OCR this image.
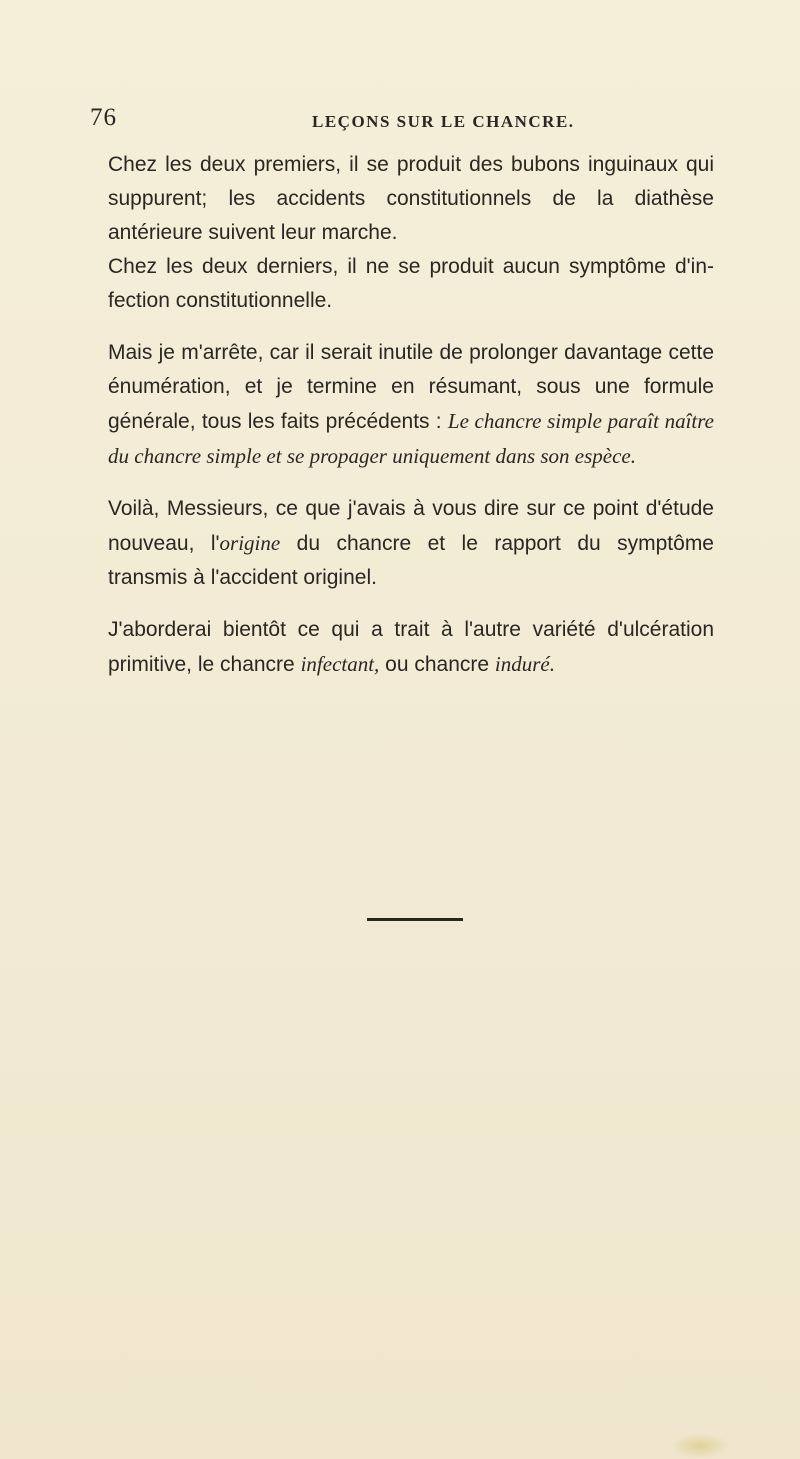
76	LEÇONS SUR LE CHANCRE.

Chez les deux premiers, il se produit des bubons inguinaux qui suppurent; les accidents constitutionnels de la diathèse antérieure suivent leur marche.

Chez les deux derniers, il ne se produit aucun symptôme d'in-fection constitutionnelle.

Mais je m'arrête, car il serait inutile de prolonger davantage cette énumération, et je termine en résumant, sous une formule générale, tous les faits précédents : Le chancre simple paraît naître du chancre simple et se propager uniquement dans son espèce.

Voilà, Messieurs, ce que j'avais à vous dire sur ce point d'étude nouveau, l'origine du chancre et le rapport du symptôme transmis à l'accident originel.

J'aborderai bientôt ce qui a trait à l'autre variété d'ulcération primitive, le chancre infectant, ou chancre induré.
